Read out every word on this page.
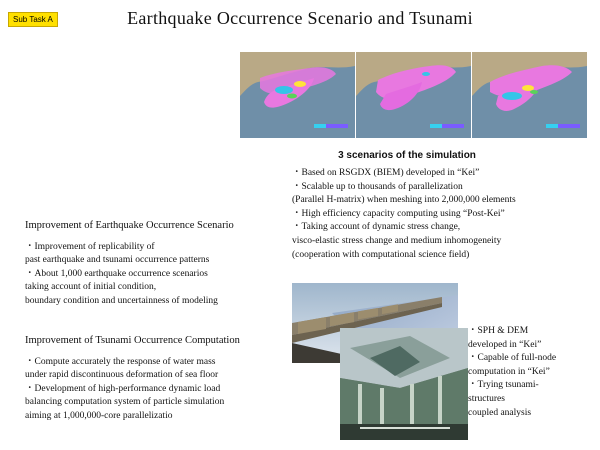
Sub Task A	Earthquake Occurrence Scenario and Tsunami
3 scenarios of the simulation
・Based on RSGDX (BIEM) developed in “Kei”
・Scalable up to thousands of parallelization
(Parallel H-matrix) when meshing into 2,000,000 elements
・High efficiency capacity computing using “Post-Kei”
・Taking account of dynamic stress change,
visco-elastic stress change and medium inhomogeneity
(cooperation with computational science field)
Improvement of Earthquake Occurrence Scenario
・Improvement of replicability of
past earthquake and tsunami occurrence patterns
・About 1,000 earthquake occurrence scenarios
taking account of initial condition,
boundary condition and uncertainness of modeling
Improvement of Tsunami Occurrence Computation
・Compute accurately the response of water mass
under rapid discontinuous deformation of sea floor
・Development of high-performance dynamic load
balancing computation system of particle simulation
aiming at 1,000,000-core parallelizatio
・SPH & DEM
developed in “Kei”
・Capable of full-node
computation in “Kei”
・Trying tsunami-
structures
coupled analysis
